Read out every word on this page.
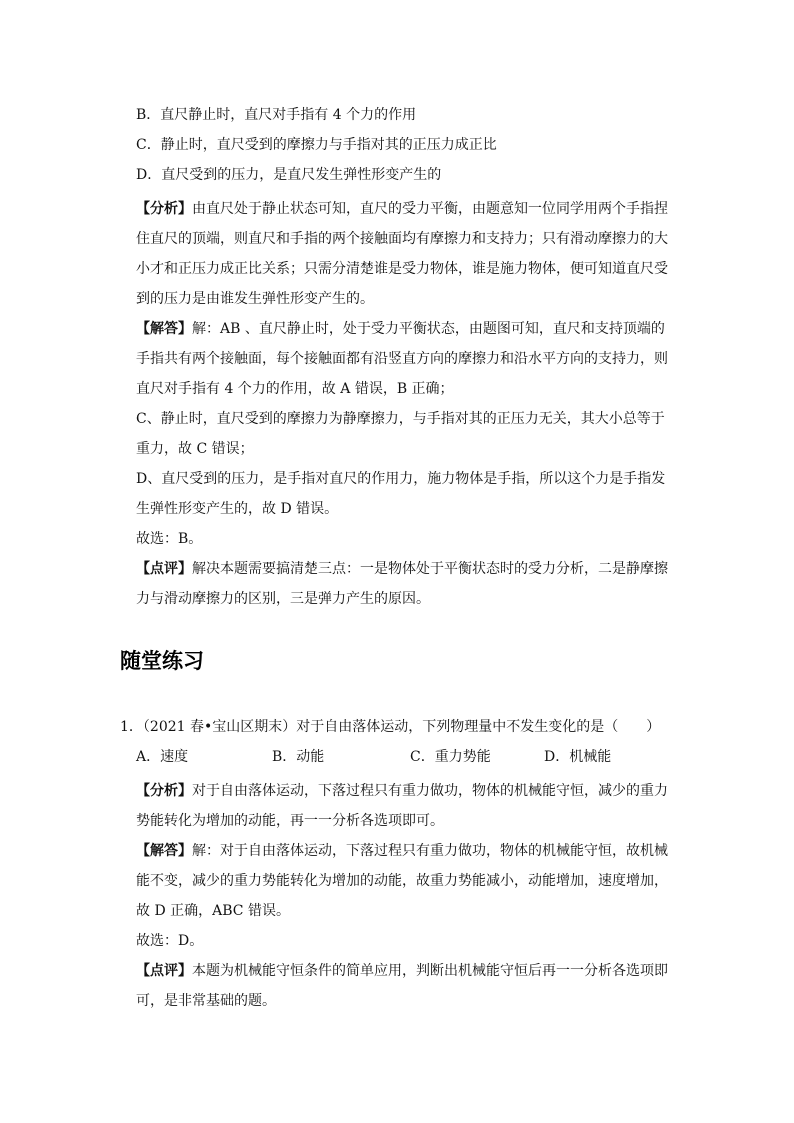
B．直尺静止时，直尺对手指有 4 个力的作用
C．静止时，直尺受到的摩擦力与手指对其的正压力成正比
D．直尺受到的压力，是直尺发生弹性形变产生的
【分析】由直尺处于静止状态可知，直尺的受力平衡，由题意知一位同学用两个手指捏住直尺的顶端，则直尺和手指的两个接触面均有摩擦力和支持力；只有滑动摩擦力的大小才和正压力成正比关系；只需分清楚谁是受力物体，谁是施力物体，便可知道直尺受到的压力是由谁发生弹性形变产生的。
【解答】解：AB 、直尺静止时，处于受力平衡状态，由题图可知，直尺和支持顶端的手指共有两个接触面，每个接触面都有沿竖直方向的摩擦力和沿水平方向的支持力，则直尺对手指有 4 个力的作用，故 A 错误，B 正确；
C、静止时，直尺受到的摩擦力为静摩擦力，与手指对其的正压力无关，其大小总等于重力，故 C 错误；
D、直尺受到的压力，是手指对直尺的作用力，施力物体是手指，所以这个力是手指发生弹性形变产生的，故 D 错误。
故选：B。
【点评】解决本题需要搞清楚三点：一是物体处于平衡状态时的受力分析，二是静摩擦力与滑动摩擦力的区别，三是弹力产生的原因。
随堂练习
1．（2021 春•宝山区期末）对于自由落体运动，下列物理量中不发生变化的是（　　）
A．速度	B．动能	C．重力势能	D．机械能
【分析】对于自由落体运动，下落过程只有重力做功，物体的机械能守恒，减少的重力势能转化为增加的动能，再一一分析各选项即可。
【解答】解：对于自由落体运动，下落过程只有重力做功，物体的机械能守恒，故机械能不变，减少的重力势能转化为增加的动能，故重力势能减小，动能增加，速度增加，故 D 正确，ABC 错误。
故选：D。
【点评】本题为机械能守恒条件的简单应用，判断出机械能守恒后再一一分析各选项即可，是非常基础的题。
